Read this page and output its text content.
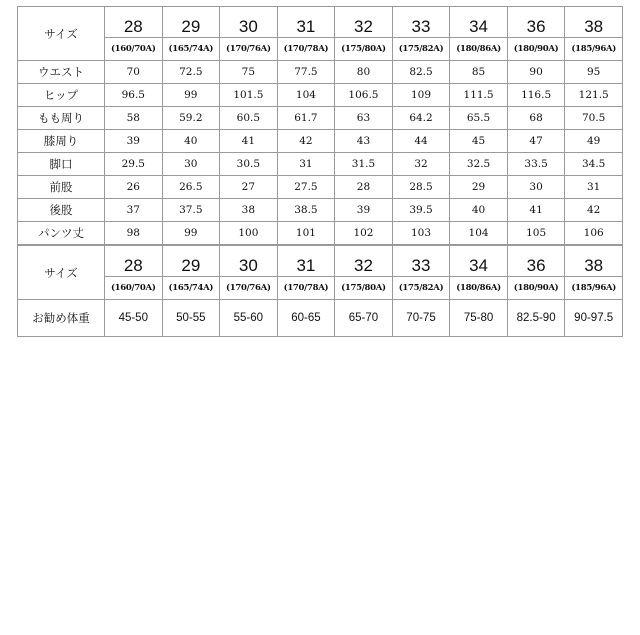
サイズ	28	29	30	31	32	33	34	36	38
	(160/70A)	(165/74A)	(170/76A)	(170/78A)	(175/80A)	(175/82A)	(180/86A)	(180/90A)	(185/96A)
ウエスト	70	72.5	75	77.5	80	82.5	85	90	95
ヒップ	96.5	99	101.5	104	106.5	109	111.5	116.5	121.5
もも周り	58	59.2	60.5	61.7	63	64.2	65.5	68	70.5
膝周り	39	40	41	42	43	44	45	47	49
脚口	29.5	30	30.5	31	31.5	32	32.5	33.5	34.5
前股	26	26.5	27	27.5	28	28.5	29	30	31
後股	37	37.5	38	38.5	39	39.5	40	41	42
パンツ丈	98	99	100	101	102	103	104	105	106
サイズ	28	29	30	31	32	33	34	36	38
	(160/70A)	(165/74A)	(170/76A)	(170/78A)	(175/80A)	(175/82A)	(180/86A)	(180/90A)	(185/96A)
お勧め体重	45-50	50-55	55-60	60-65	65-70	70-75	75-80	82.5-90	90-97.5
